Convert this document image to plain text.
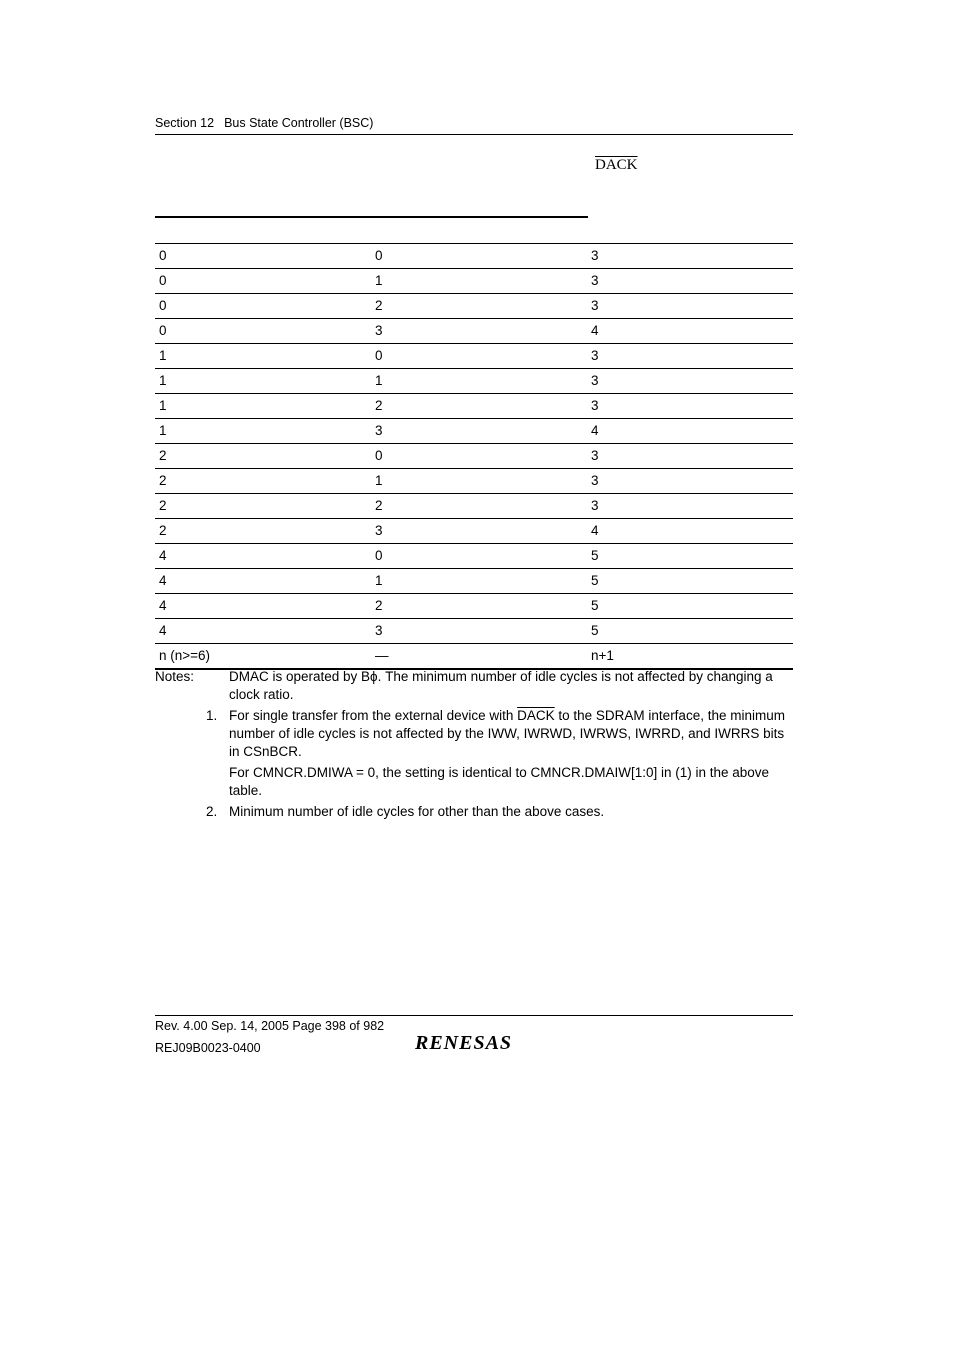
Section 12 Bus State Controller (BSC)
DACK
0	0	3
0	1	3
0	2	3
0	3	4
1	0	3
1	1	3
1	2	3
1	3	4
2	0	3
2	1	3
2	2	3
2	3	4
4	0	5
4	1	5
4	2	5
4	3	5
n (n>=6)	—	n+1
Notes:	DMAC is operated by Bϕ. The minimum number of idle cycles is not affected by changing a clock ratio.
1. For single transfer from the external device with DACK to the SDRAM interface, the minimum number of idle cycles is not affected by the IWW, IWRWD, IWRWS, IWRRD, and IWRRS bits in CSnBCR.
For CMNCR.DMIWA = 0, the setting is identical to CMNCR.DMAIW[1:0] in (1) in the above table.
2. Minimum number of idle cycles for other than the above cases.
Rev. 4.00 Sep. 14, 2005 Page 398 of 982
REJ09B0023-0400	RENESAS
